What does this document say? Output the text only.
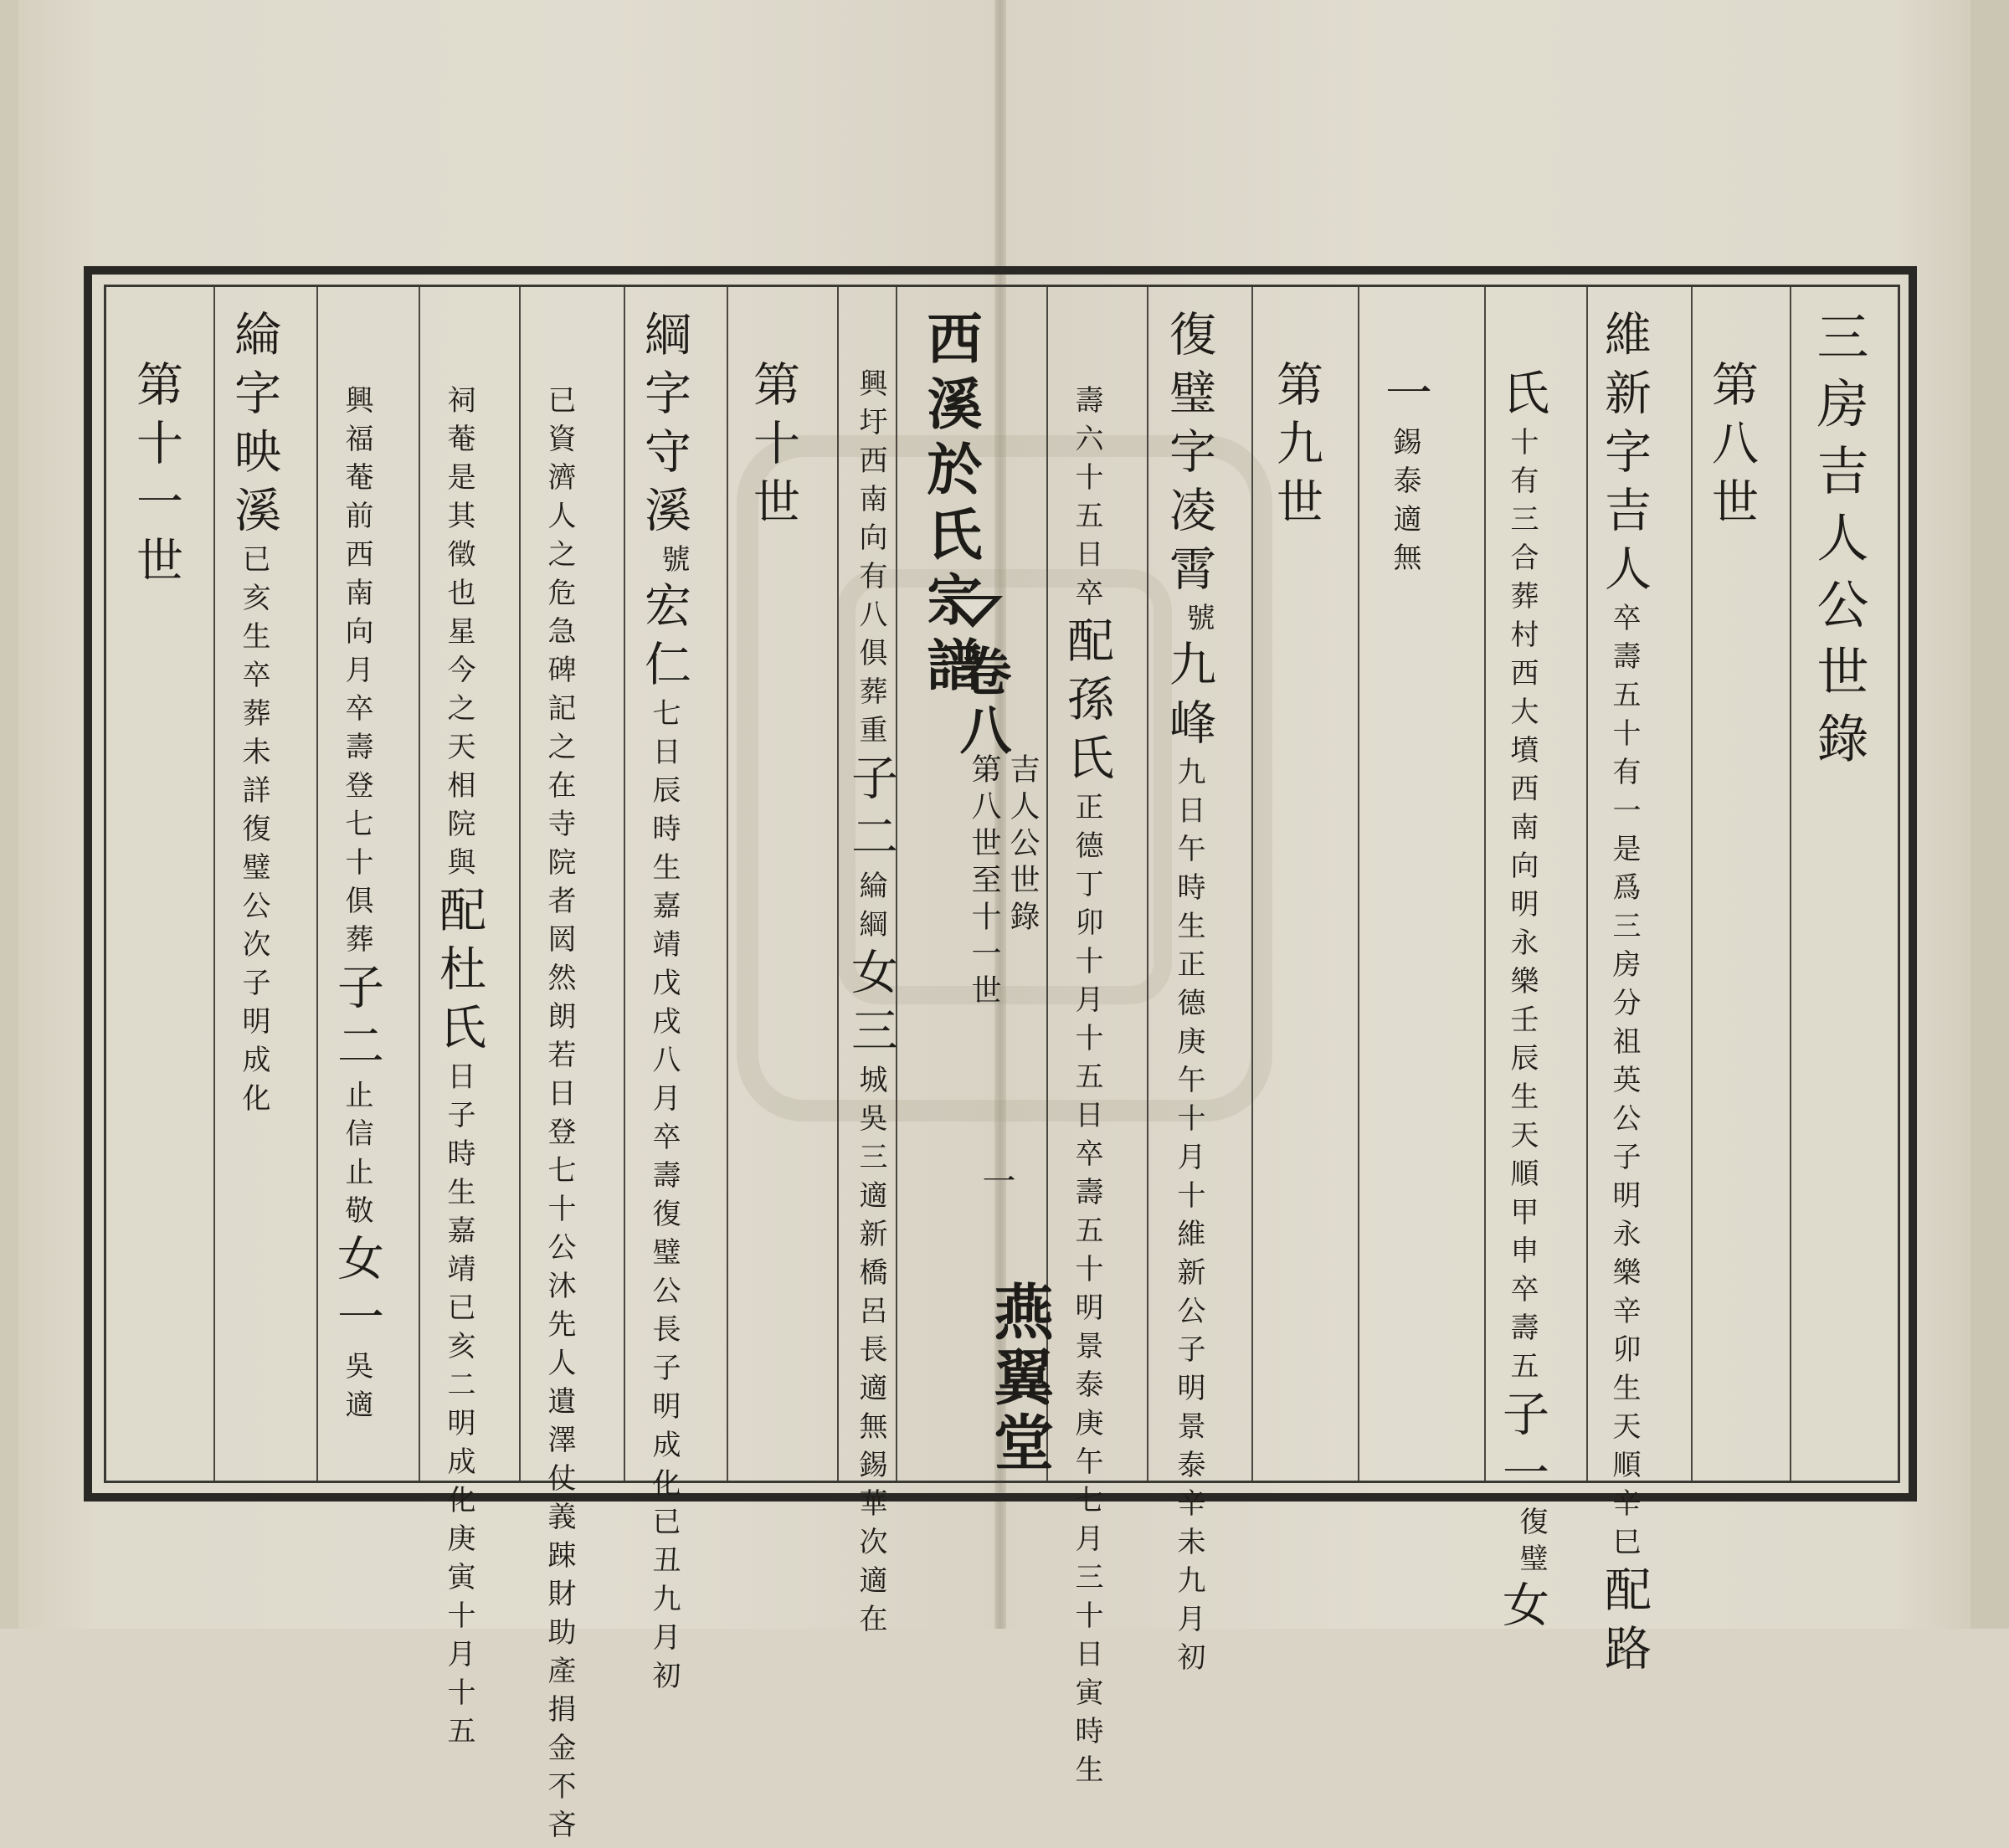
三房吉人公世錄
第八世
維新字吉人
英公子明永樂辛卯生天順辛巳
卒壽五十有一是爲三房分祖
配路
氏
明永樂壬辰生天順甲申卒壽五
十有三合葬村西大墳西南向
子一復璧女
一
適無
錫泰
第九世
復璧字凌霄號九峰
維新公子明景泰辛未九月初
九日午時生正德庚午十月十
五日卒
壽六十
配孫氏
明景泰庚午七月三十日寅時生
正德丁卯十月十五日卒壽五十
西溪於氏宗譜
卷八
吉人公世錄
第八世至十一世
一
燕翼堂
有八俱葬重
興圩西南向
子二
綱
綸
女三
長適無錫華次適在
城吳三適新橋呂
第十世
綱字守溪號宏仁
復璧公長子明成化已丑九月初
七日辰時生嘉靖戊戌八月卒壽
登七十公沐先人遺澤仗義踈財助產捐金不吝
已資濟人之危急碑記之在寺院者㒺然朗若日
星今之天相院與
祠菴是其徵也
配杜氏
明成化庚寅十月十五
日子時生嘉靖已亥二
月卒壽登七十俱葬
興福菴前西南向
子二
止敬
止信
女一
適
吳
綸字映溪
復璧公次子明成化
已亥生卒葬未詳
第十一世
